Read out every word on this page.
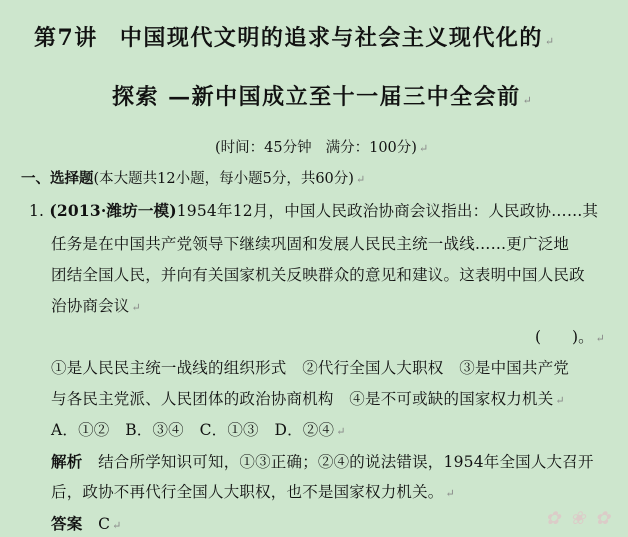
第7讲 中国现代文明的追求与社会主义现代化的 ↵
探索 —新中国成立至十一届三中全会前 ↵
(时间：45分钟 满分：100分) ↵
一、选择题(本大题共12小题，每小题5分，共60分) ↵
1. (2013·潍坊一模)1954年12月，中国人民政治协商会议指出：人民政协……其
任务是在中国共产党领导下继续巩固和发展人民民主统一战线……更广泛地
团结全国人民，并向有关国家机关反映群众的意见和建议。这表明中国人民政
治协商会议 ↵
(　　)。 ↵
①是人民民主统一战线的组织形式　②代行全国人大职权　③是中国共产党
与各民主党派、人民团体的政治协商机构　④是不可或缺的国家权力机关 ↵
A．①②　B．③④　C．①③　D．②④ ↵
解析　 结合所学知识可知，①③正确；②④的说法错误，1954年全国人大召开
后，政协不再代行全国人大职权，也不是国家权力机关。 ↵
答案　 C ↵	✿ ❀ ✿
